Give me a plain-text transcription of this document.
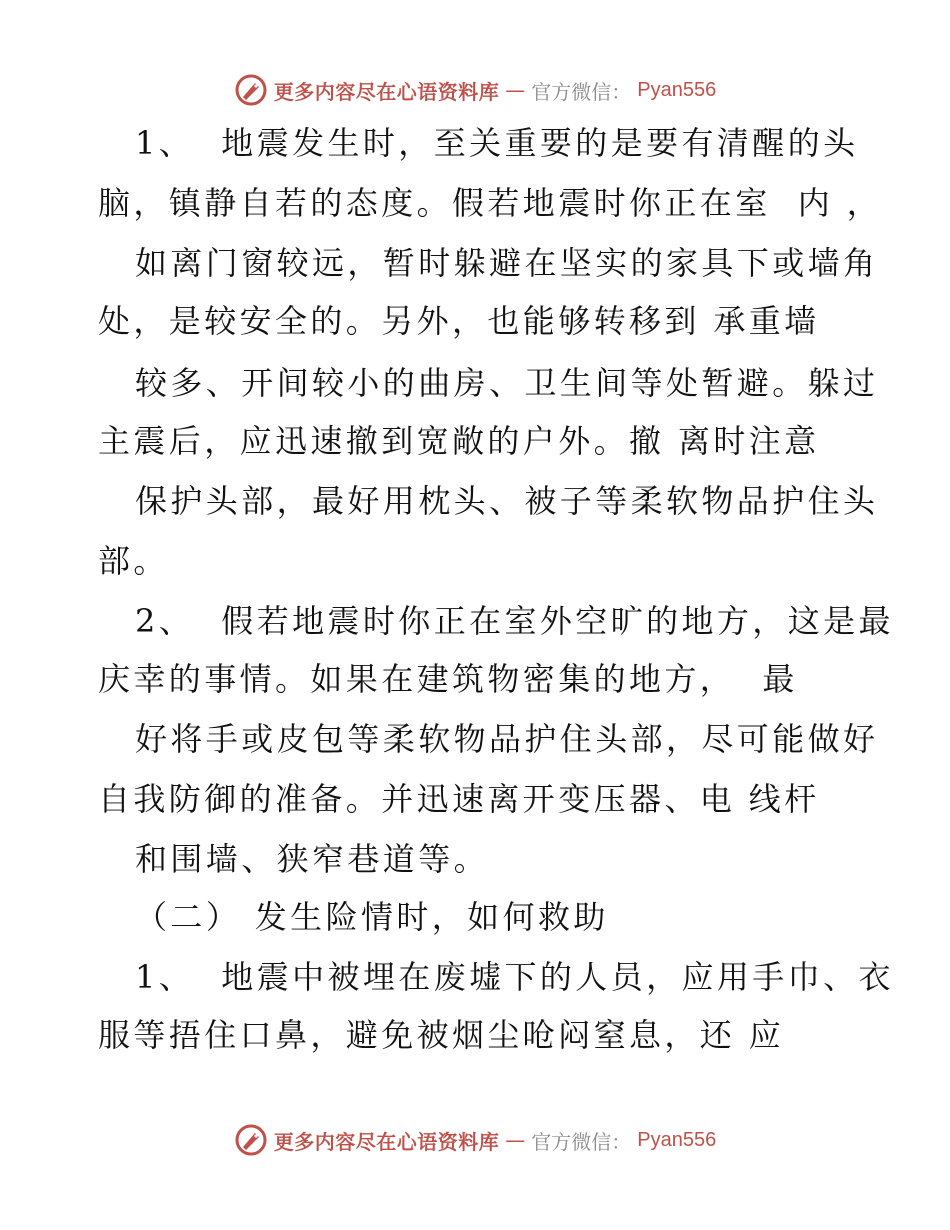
更多内容尽在心语资料库 — 官方微信： Pyan556
1、  地震发生时，至关重要的是要有清醒的头
脑，镇静自若的态度。假若地震时你正在室  内 ，
如离门窗较远，暂时躲避在坚实的家具下或墙角
处，是较安全的。另外，也能够转移到 承重墙
较多、开间较小的曲房、卫生间等处暂避。躲过
主震后，应迅速撤到宽敞的户外。撤 离时注意
保护头部，最好用枕头、被子等柔软物品护住头
部。
2、  假若地震时你正在室外空旷的地方，这是最
庆幸的事情。如果在建筑物密集的地方，  最
好将手或皮包等柔软物品护住头部，尽可能做好
自我防御的准备。并迅速离开变压器、电 线杆
和围墙、狭窄巷道等。
（二） 发生险情时，如何救助
1、  地震中被埋在废墟下的人员，应用手巾、衣
服等捂住口鼻，避免被烟尘呛闷窒息，还 应
更多内容尽在心语资料库 — 官方微信： Pyan556
